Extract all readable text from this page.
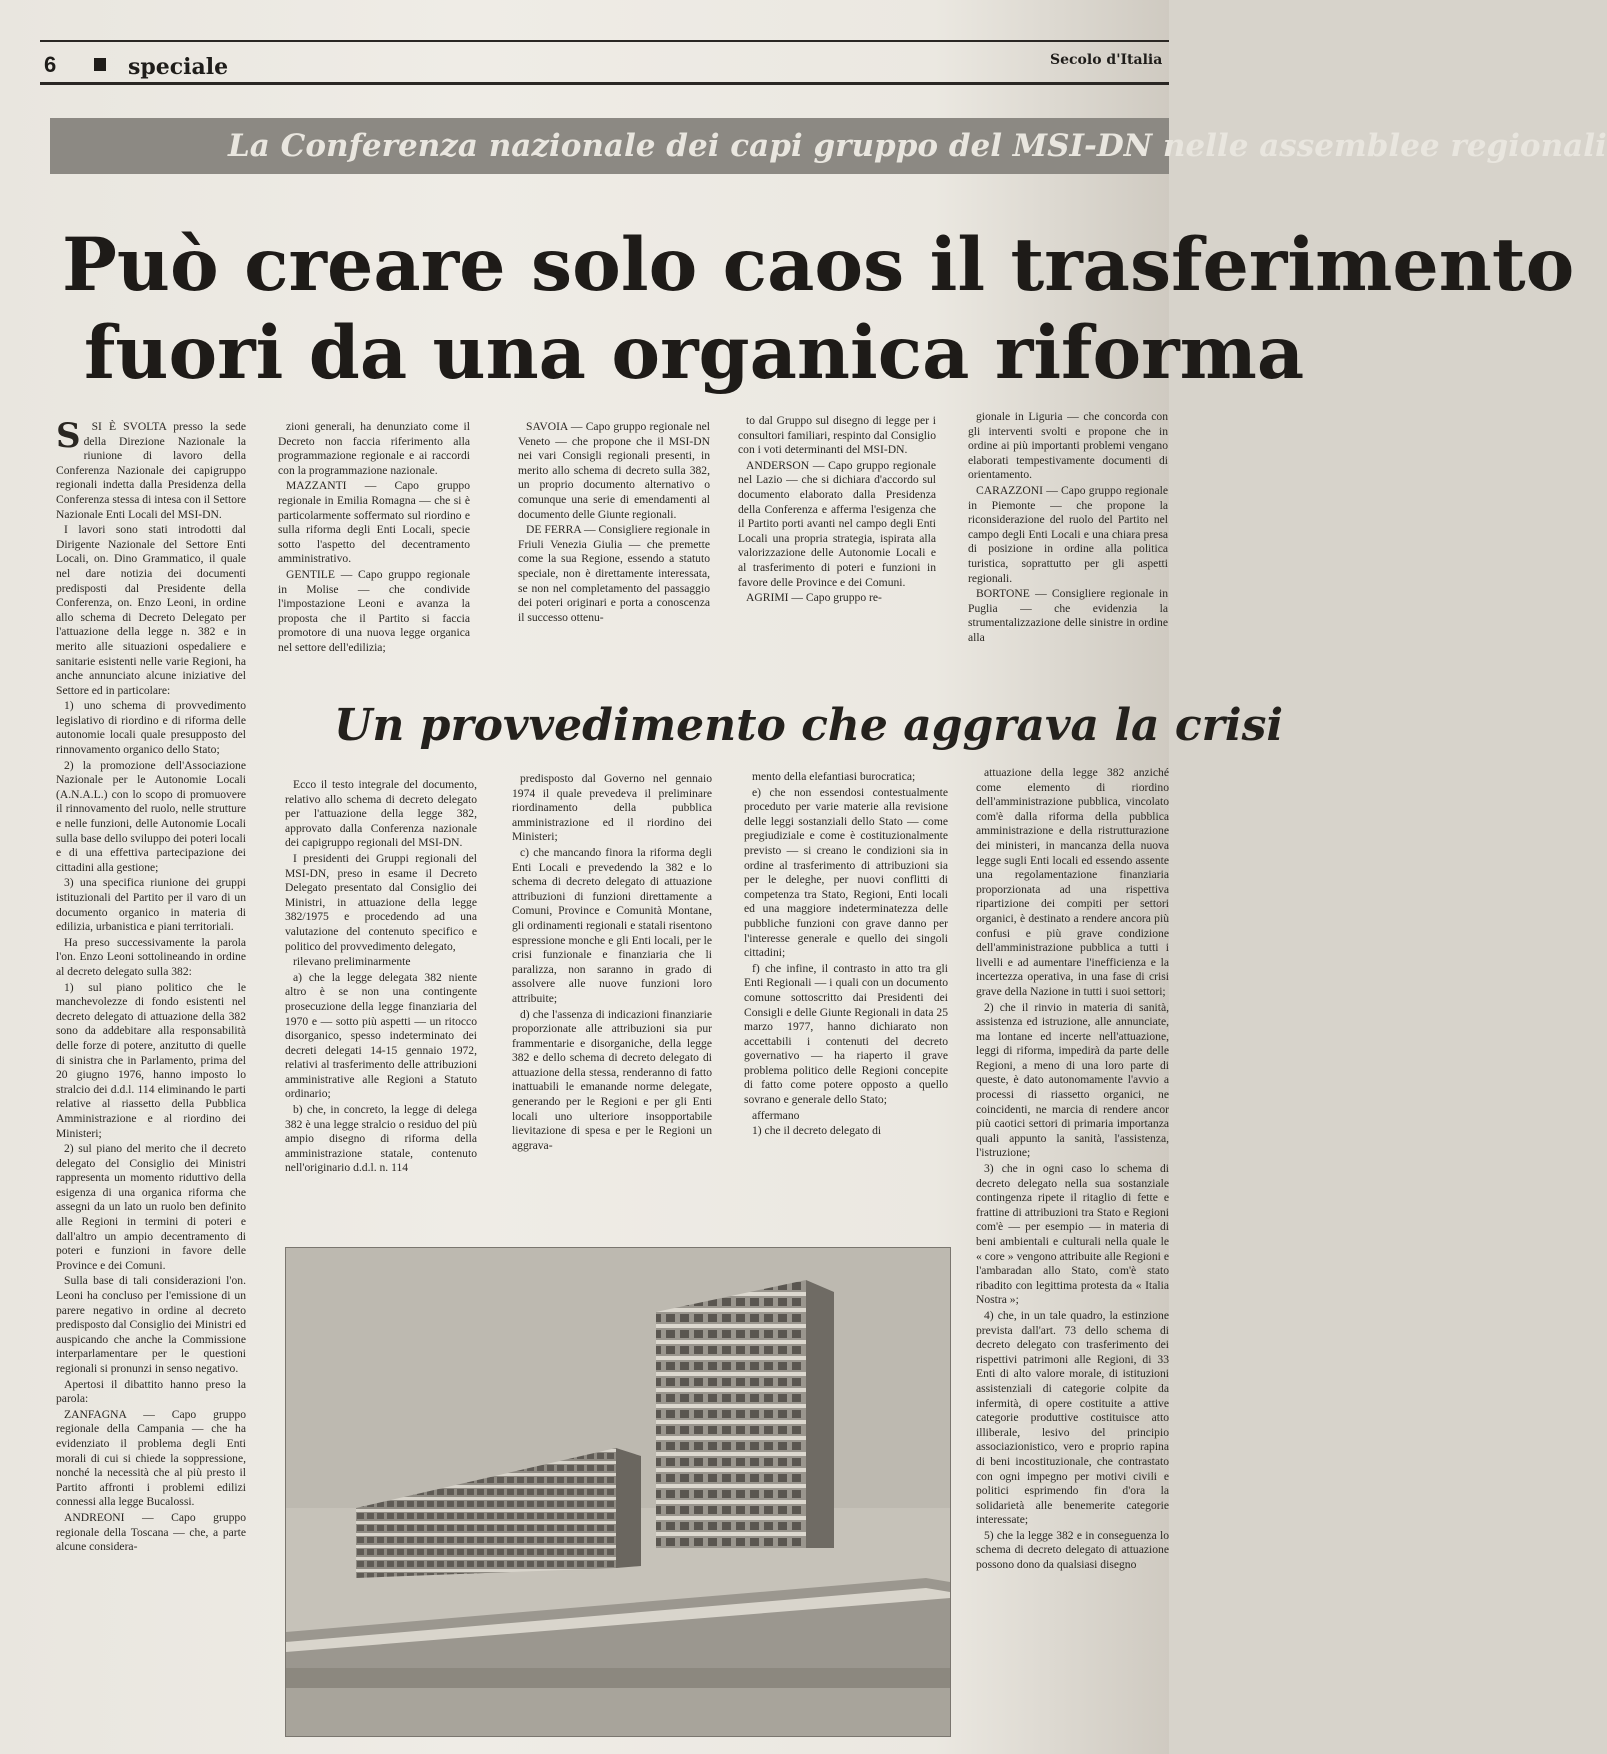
6	speciale	Secolo d'Italia
La Conferenza nazionale dei capi gruppo del MSI-DN nelle assemblee regionali
Può creare solo caos il trasferimento
fuori da una organica riforma
S SI È SVOLTA presso la sede della Direzione Nazionale la riunione di lavoro della Conferenza Nazionale dei capigruppo regionali indetta dalla Presidenza della Conferenza stessa di intesa con il Settore Nazionale Enti Locali del MSI-DN.

I lavori sono stati introdotti dal Dirigente Nazionale del Settore Enti Locali, on. Dino Grammatico, il quale nel dare notizia dei documenti predisposti dal Presidente della Conferenza, on. Enzo Leoni, in ordine allo schema di Decreto Delegato per l'attuazione della legge n. 382 e in merito alle situazioni ospedaliere e sanitarie esistenti nelle varie Regioni, ha anche annunciato alcune iniziative del Settore ed in particolare:

1) uno schema di provvedimento legislativo di riordino e di riforma delle autonomie locali quale presupposto del rinnovamento organico dello Stato;

2) la promozione dell'Associazione Nazionale per le Autonomie Locali (A.N.A.L.) con lo scopo di promuovere il rinnovamento del ruolo, nelle strutture e nelle funzioni, delle Autonomie Locali sulla base dello sviluppo dei poteri locali e di una effettiva partecipazione dei cittadini alla gestione;

3) una specifica riunione dei gruppi istituzionali del Partito per il varo di un documento organico in materia di edilizia, urbanistica e piani territoriali.

Ha preso successivamente la parola l'on. Enzo Leoni sottolineando in ordine al decreto delegato sulla 382:

1) sul piano politico che le manchevolezze di fondo esistenti nel decreto delegato di attuazione della 382 sono da addebitare alla responsabilità delle forze di potere, anzitutto di quelle di sinistra che in Parlamento, prima del 20 giugno 1976, hanno imposto lo stralcio dei d.d.l. 114 eliminando le parti relative al riassetto della Pubblica Amministrazione e al riordino dei Ministeri;

2) sul piano del merito che il decreto delegato del Consiglio dei Ministri rappresenta un momento riduttivo della esigenza di una organica riforma che assegni da un lato un ruolo ben definito alle Regioni in termini di poteri e dall'altro un ampio decentramento di poteri e funzioni in favore delle Province e dei Comuni.

Sulla base di tali considerazioni l'on. Leoni ha concluso per l'emissione di un parere negativo in ordine al decreto predisposto dal Consiglio dei Ministri ed auspicando che anche la Commissione interparlamentare per le questioni regionali si pronunzi in senso negativo.

Apertosi il dibattito hanno preso la parola:

ZANFAGNA — Capo gruppo regionale della Campania — che ha evidenziato il problema degli Enti morali di cui si chiede la soppressione, nonché la necessità che al più presto il Partito affronti i problemi edilizi connessi alla legge Bucalossi.

ANDREONI — Capo gruppo regionale della Toscana — che, a parte alcune considera-

zioni generali, ha denunziato come il Decreto non faccia riferimento alla programmazione regionale e ai raccordi con la programmazione nazionale.

MAZZANTI — Capo gruppo regionale in Emilia Romagna — che si è particolarmente soffermato sul riordino e sulla riforma degli Enti Locali, specie sotto l'aspetto del decentramento amministrativo.

GENTILE — Capo gruppo regionale in Molise — che condivide l'impostazione Leoni e avanza la proposta che il Partito si faccia promotore di una nuova legge organica nel settore dell'edilizia;

SAVOIA — Capo gruppo regionale nel Veneto — che propone che il MSI-DN nei vari Consigli regionali presenti, in merito allo schema di decreto sulla 382, un proprio documento alternativo o comunque una serie di emendamenti al documento delle Giunte regionali.

DE FERRA — Consigliere regionale in Friuli Venezia Giulia — che premette come la sua Regione, essendo a statuto speciale, non è direttamente interessata, se non nel completamento del passaggio dei poteri originari e porta a conoscenza il successo ottenu-

to dal Gruppo sul disegno di legge per i consultori familiari, respinto dal Consiglio con i voti determinanti del MSI-DN.

ANDERSON — Capo gruppo regionale nel Lazio — che si dichiara d'accordo sul documento elaborato dalla Presidenza della Conferenza e afferma l'esigenza che il Partito porti avanti nel campo degli Enti Locali una propria strategia, ispirata alla valorizzazione delle Autonomie Locali e al trasferimento di poteri e funzioni in favore delle Province e dei Comuni.

AGRIMI — Capo gruppo re-

gionale in Liguria — che concorda con gli interventi svolti e propone che in ordine ai più importanti problemi vengano elaborati tempestivamente documenti di orientamento.

CARAZZONI — Capo gruppo regionale in Piemonte — che propone la riconsiderazione del ruolo del Partito nel campo degli Enti Locali e una chiara presa di posizione in ordine alla politica turistica, soprattutto per gli aspetti regionali.

BORTONE — Consigliere regionale in Puglia — che evidenzia la strumentalizzazione delle sinistre in ordine alla

Un provvedimento che aggrava la crisi

Ecco il testo integrale del documento, relativo allo schema di decreto delegato per l'attuazione della legge 382, approvato dalla Conferenza nazionale dei capigruppo regionali del MSI-DN.

I presidenti dei Gruppi regionali del MSI-DN, preso in esame il Decreto Delegato presentato dal Consiglio dei Ministri, in attuazione della legge 382/1975 e procedendo ad una valutazione del contenuto specifico e politico del provvedimento delegato,

rilevano preliminarmente

a) che la legge delegata 382 niente altro è se non una contingente prosecuzione della legge finanziaria del 1970 e — sotto più aspetti — un ritocco disorganico, spesso indeterminato dei decreti delegati 14-15 gennaio 1972, relativi al trasferimento delle attribuzioni amministrative alle Regioni a Statuto ordinario;

b) che, in concreto, la legge di delega 382 è una legge stralcio o residuo del più ampio disegno di riforma della amministrazione statale, contenuto nell'originario d.d.l. n. 114

predisposto dal Governo nel gennaio 1974 il quale prevedeva il preliminare riordinamento della pubblica amministrazione ed il riordino dei Ministeri;

c) che mancando finora la riforma degli Enti Locali e prevedendo la 382 e lo schema di decreto delegato di attuazione attribuzioni di funzioni direttamente a Comuni, Province e Comunità Montane, gli ordinamenti regionali e statali risentono espressione monche e gli Enti locali, per le crisi funzionale e finanziaria che li paralizza, non saranno in grado di assolvere alle nuove funzioni loro attribuite;

d) che l'assenza di indicazioni finanziarie proporzionate alle attribuzioni sia pur frammentarie e disorganiche, della legge 382 e dello schema di decreto delegato di attuazione della stessa, renderanno di fatto inattuabili le emanande norme delegate, generando per le Regioni e per gli Enti locali uno ulteriore insopportabile lievitazione di spesa e per le Regioni un aggrava-

mento della elefantiasi burocratica;

e) che non essendosi contestualmente proceduto per varie materie alla revisione delle leggi sostanziali dello Stato — come pregiudiziale e come è costituzionalmente previsto — si creano le condizioni sia in ordine al trasferimento di attribuzioni sia per le deleghe, per nuovi conflitti di competenza tra Stato, Regioni, Enti locali ed una maggiore indeterminatezza delle pubbliche funzioni con grave danno per l'interesse generale e quello dei singoli cittadini;

f) che infine, il contrasto in atto tra gli Enti Regionali — i quali con un documento comune sottoscritto dai Presidenti dei Consigli e delle Giunte Regionali in data 25 marzo 1977, hanno dichiarato non accettabili i contenuti del decreto governativo — ha riaperto il grave problema politico delle Regioni concepite di fatto come potere opposto a quello sovrano e generale dello Stato;

affermano

1) che il decreto delegato di

attuazione della legge 382 anziché come elemento di riordino dell'amministrazione pubblica, vincolato com'è dalla riforma della pubblica amministrazione e della ristrutturazione dei ministeri, in mancanza della nuova legge sugli Enti locali ed essendo assente una regolamentazione finanziaria proporzionata ad una rispettiva ripartizione dei compiti per settori organici, è destinato a rendere ancora più confusi e più grave condizione dell'amministrazione pubblica a tutti i livelli e ad aumentare l'inefficienza e la incertezza operativa, in una fase di crisi grave della Nazione in tutti i suoi settori;

2) che il rinvio in materia di sanità, assistenza ed istruzione, alle annunciate, ma lontane ed incerte nell'attuazione, leggi di riforma, impedirà da parte delle Regioni, a meno di una loro parte di queste, è dato autonomamente l'avvio a processi di riassetto organici, ne coincidenti, ne marcia di rendere ancor più caotici settori di primaria importanza quali appunto la sanità, l'assistenza, l'istruzione;

3) che in ogni caso lo schema di decreto delegato nella sua sostanziale contingenza ripete il ritaglio di fette e frattine di attribuzioni tra Stato e Regioni com'è — per esempio — in materia di beni ambientali e culturali nella quale le « core » vengono attribuite alle Regioni e l'ambaradan allo Stato, com'è stato ribadito con legittima protesta da « Italia Nostra »;

4) che, in un tale quadro, la estinzione prevista dall'art. 73 dello schema di decreto delegato con trasferimento dei rispettivi patrimoni alle Regioni, di 33 Enti di alto valore morale, di istituzioni assistenziali di categorie colpite da infermità, di opere costituite a attive categorie produttive costituisce atto illiberale, lesivo del principio associazionistico, vero e proprio rapina di beni incostituzionale, che contrastato con ogni impegno per motivi civili e politici esprimendo fin d'ora la solidarietà alle benemerite categorie interessate;

5) che la legge 382 e in conseguenza lo schema di decreto delegato di attuazione possono dono da qualsiasi disegno
